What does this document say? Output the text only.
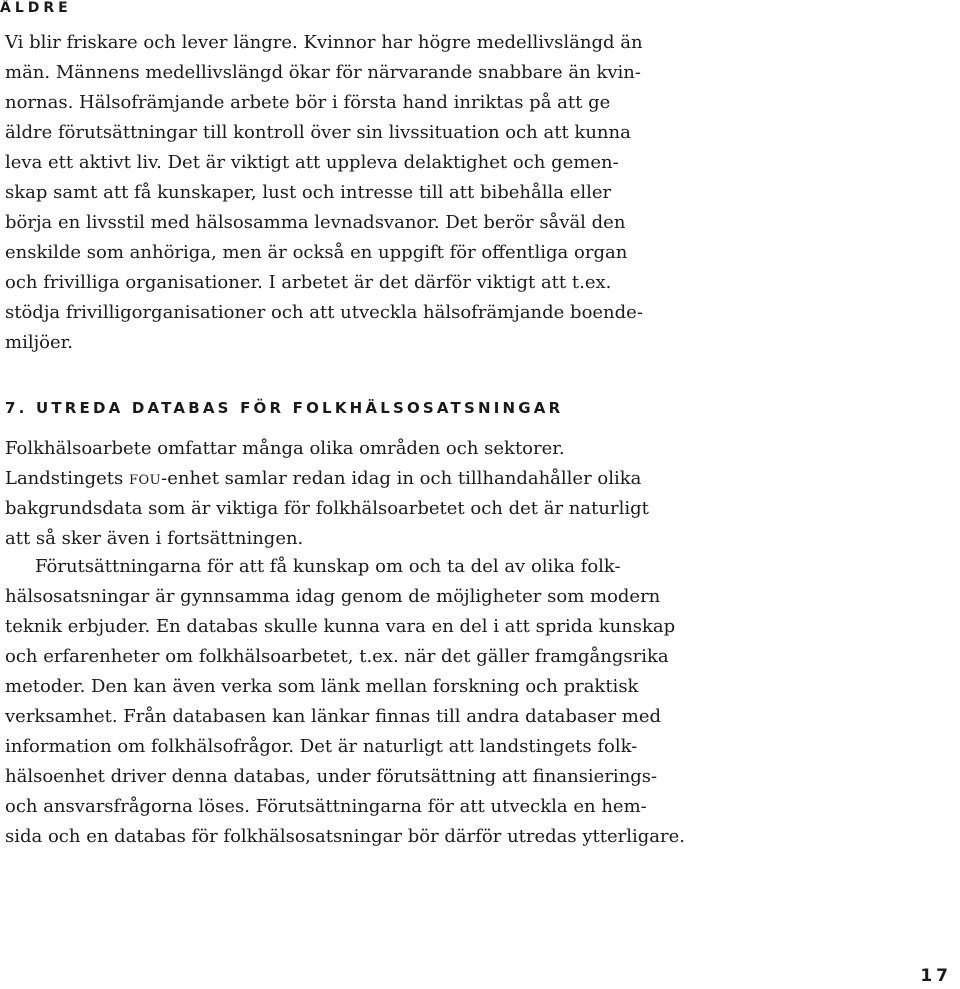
ÄLDRE

Vi blir friskare och lever längre. Kvinnor har högre medellivslängd än
män. Männens medellivslängd ökar för närvarande snabbare än kvin-
nornas. Hälsofrämjande arbete bör i första hand inriktas på att ge
äldre förutsättningar till kontroll över sin livssituation och att kunna
leva ett aktivt liv. Det är viktigt att uppleva delaktighet och gemen-
skap samt att få kunskaper, lust och intresse till att bibehålla eller
börja en livsstil med hälsosamma levnadsvanor. Det berör såväl den
enskilde som anhöriga, men är också en uppgift för offentliga organ
och frivilliga organisationer. I arbetet är det därför viktigt att t.ex.
stödja frivilligorganisationer och att utveckla hälsofrämjande boende-
miljöer.

7. UTREDA DATABAS FÖR FOLKHÄLSOSATSNINGAR

Folkhälsoarbete omfattar många olika områden och sektorer.
Landstingets fou-enhet samlar redan idag in och tillhandahåller olika
bakgrundsdata som är viktiga för folkhälsoarbetet och det är naturligt
att så sker även i fortsättningen.

Förutsättningarna för att få kunskap om och ta del av olika folk-
hälsosatsningar är gynnsamma idag genom de möjligheter som modern
teknik erbjuder. En databas skulle kunna vara en del i att sprida kunskap
och erfarenheter om folkhälsoarbetet, t.ex. när det gäller framgångsrika
metoder. Den kan även verka som länk mellan forskning och praktisk
verksamhet. Från databasen kan länkar finnas till andra databaser med
information om folkhälsofrågor. Det är naturligt att landstingets folk-
hälsoenhet driver denna databas, under förutsättning att finansierings-
och ansvarsfrågorna löses. Förutsättningarna för att utveckla en hem-
sida och en databas för folkhälsosatsningar bör därför utredas ytterligare.

17
